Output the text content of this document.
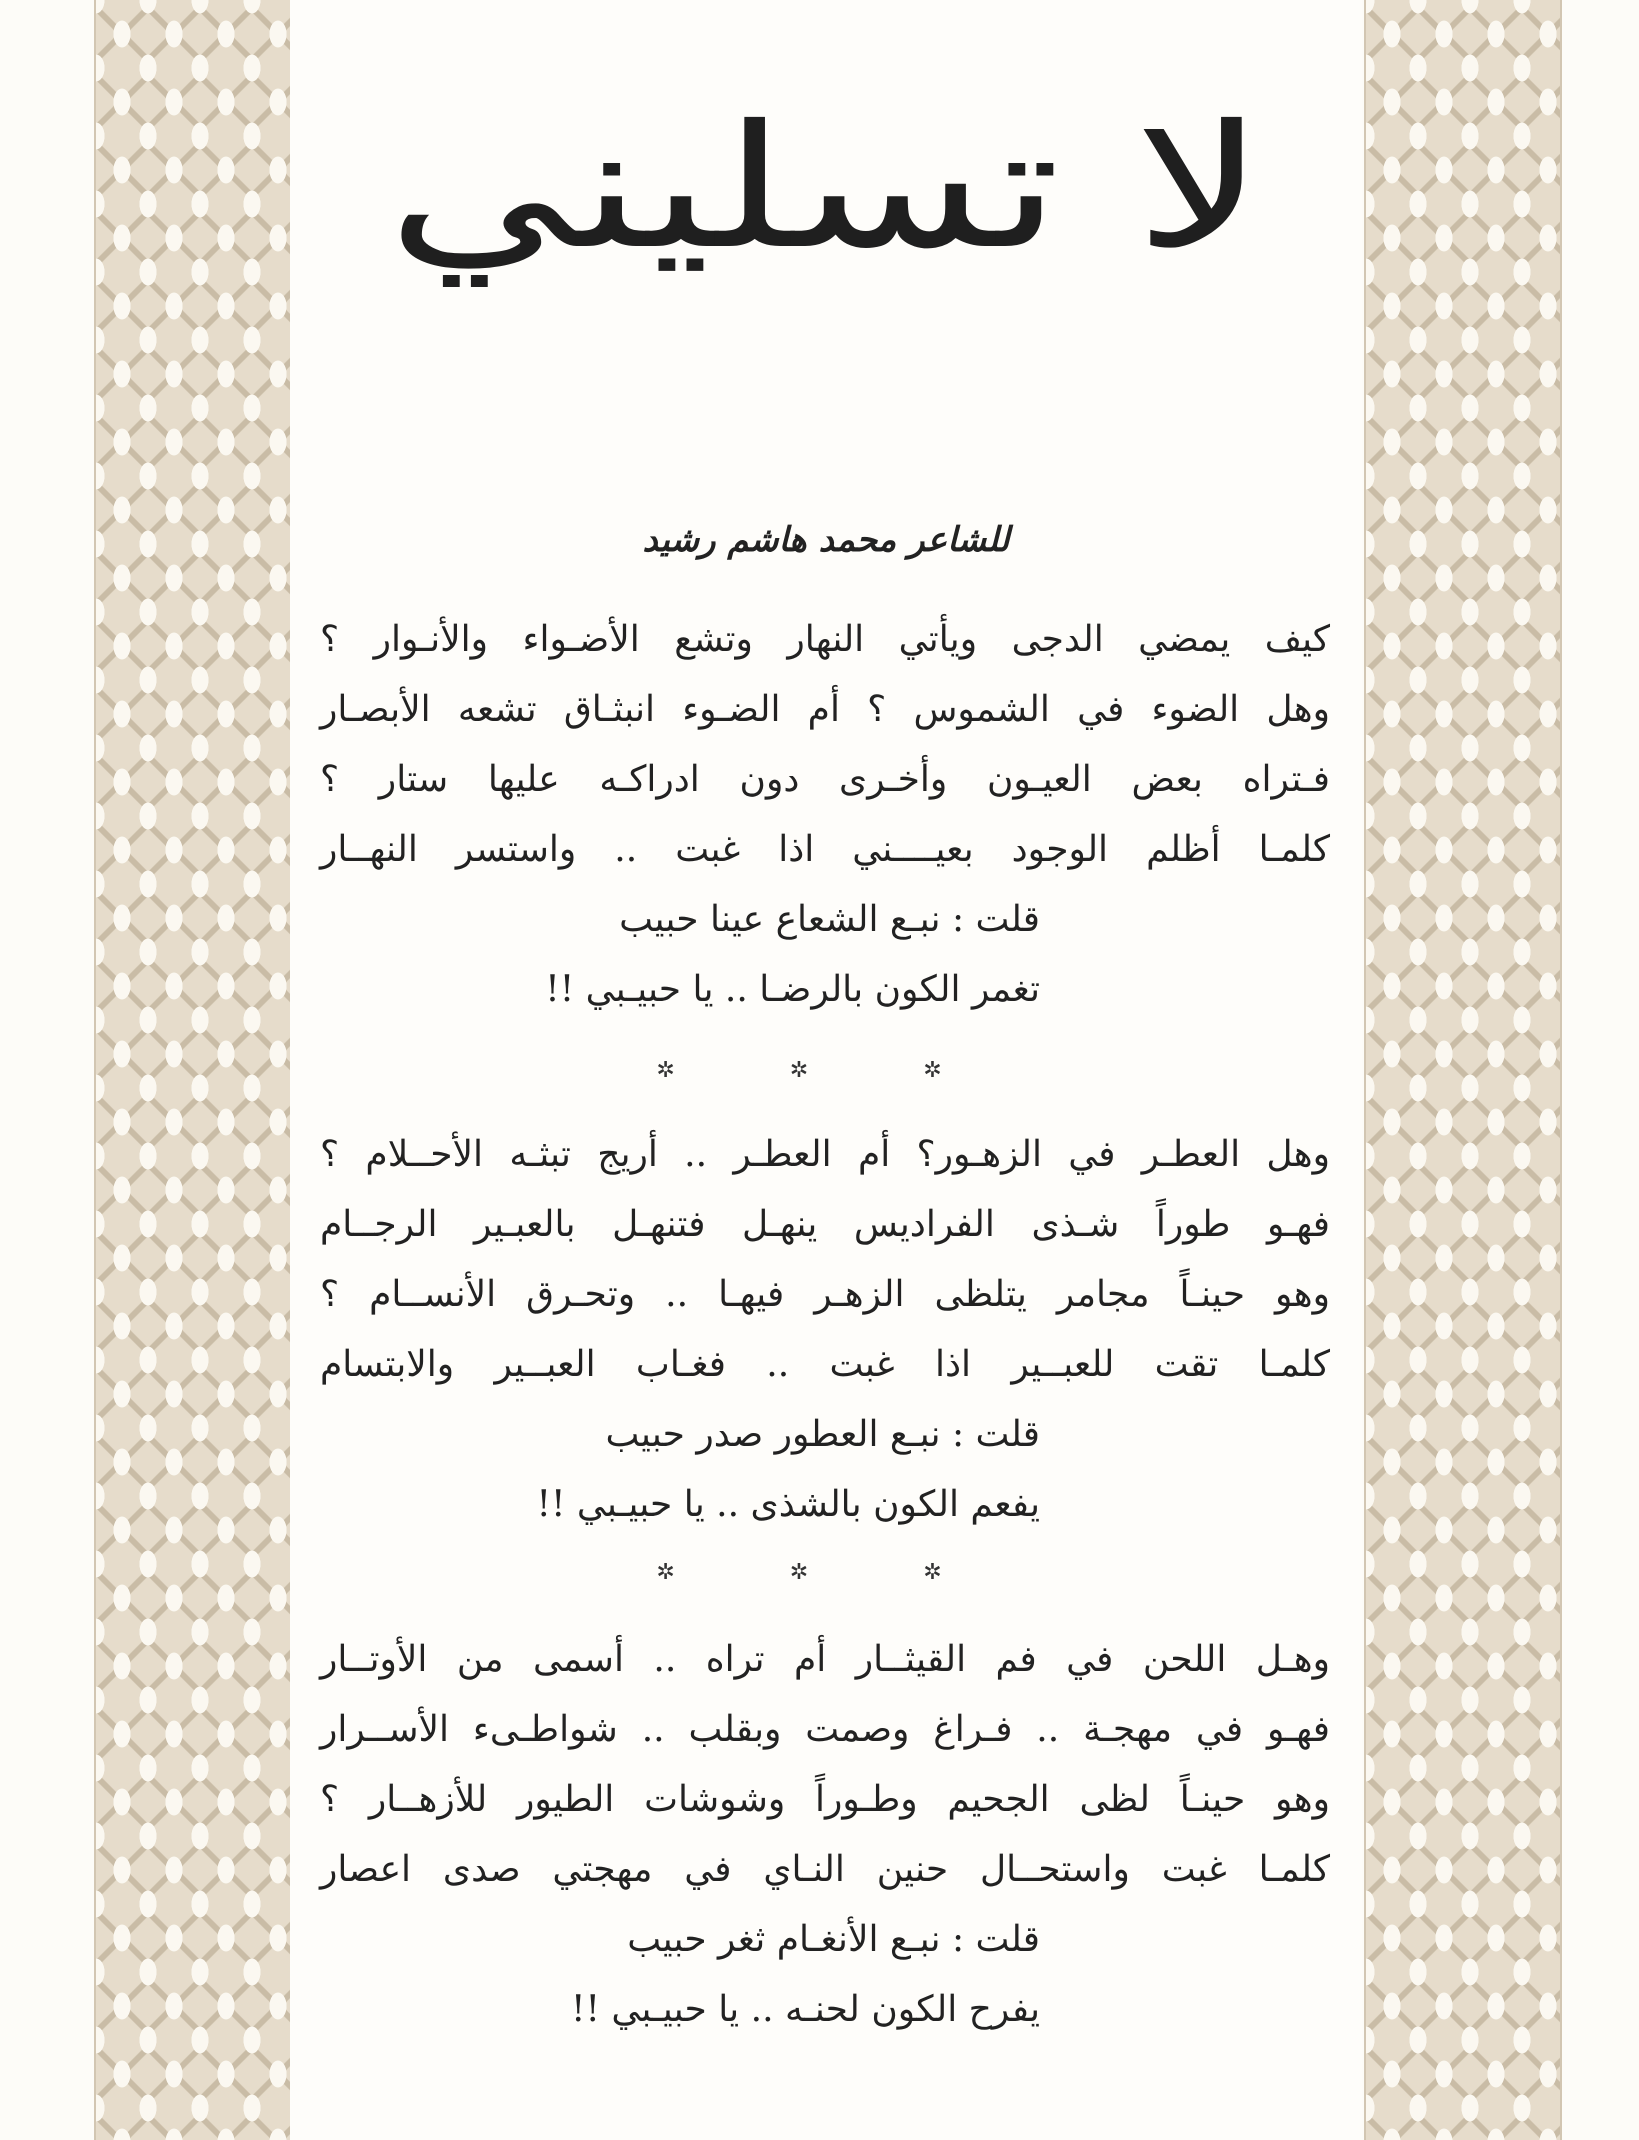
لا تسليني
للشاعر محمد هاشم رشيد
كيف يمضي الدجى ويأتي النهار وتشع الأضـواء والأنـوار ؟
وهل الضوء في الشموس ؟ أم الضـوء انبثـاق تشعه الأبصـار
فـتراه بعض العيـون وأخـرى دون ادراكـه عليها ستار ؟
كلمـا أظلم الوجود بعيــــني اذا غبت .. واستسر النهــار
قلت : نبـع الشعاع عينا حبيب
تغمر الكون بالرضـا .. يا حبيـبي !!
✲ ✲ ✲
وهل العطـر في الزهـور؟ أم العطـر .. أريج تبثـه الأحــلام ؟
فهـو طوراً شـذى الفراديس ينهـل فتنهـل بالعبـير الرجــام
وهو حينـاً مجامر يتلظى الزهـر فيهـا .. وتحـرق الأنســام ؟
كلمـا تقت للعبــير اذا غبت .. فغـاب العبــير والابتسام
قلت : نبـع العطور صدر حبيب
يفعم الكون بالشذى .. يا حبيـبي !!
✲ ✲ ✲
وهـل اللحن في فم القيثــار أم تراه .. أسمى من الأوتــار
فهـو في مهجـة .. فـراغ وصمت وبقلب .. شواطـىء الأســرار
وهو حينـاً لظى الجحيم وطـوراً وشوشات الطيور للأزهــار ؟
كلمـا غبت واستحــال حنين النـاي في مهجتي صدى اعصار
قلت : نبـع الأنغـام ثغر حبيب
يفرح الكون لحنـه .. يا حبيـبي !!
